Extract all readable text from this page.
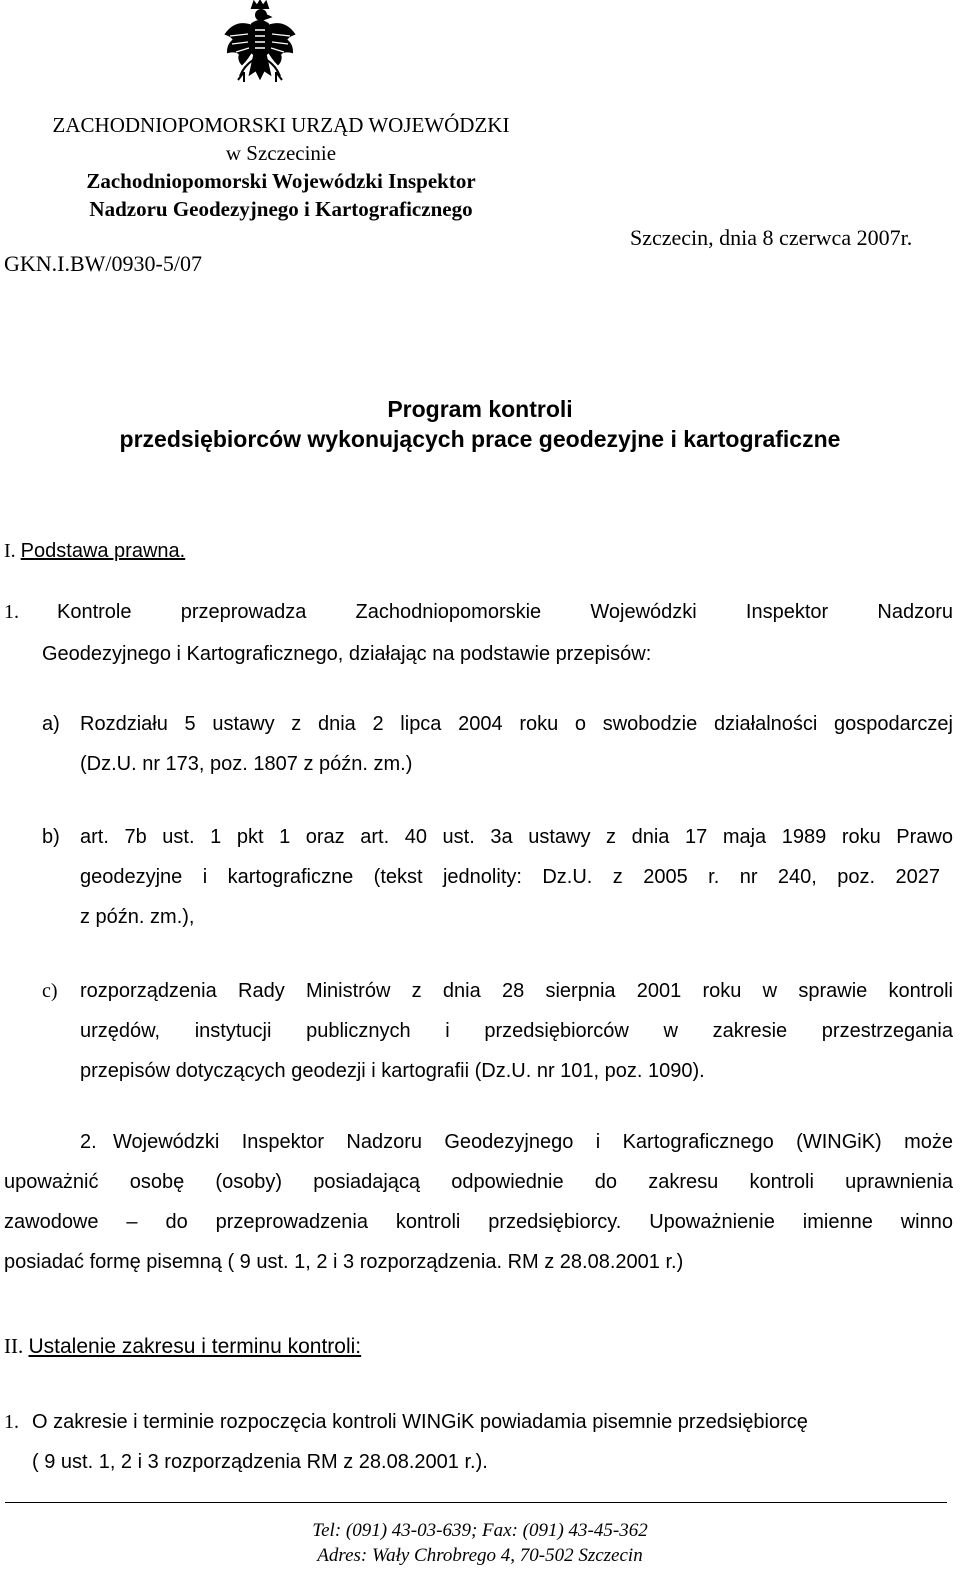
ZACHODNIOPOMORSKI URZĄD WOJEWÓDZKI
w Szczecinie
Zachodniopomorski Wojewódzki Inspektor
Nadzoru Geodezyjnego i Kartograficznego
GKN.I.BW/0930-5/07
Szczecin, dnia 8 czerwca 2007r.
Program kontroli
przedsiębiorców wykonujących prace geodezyjne i kartograficzne
I. Podstawa prawna.
1. Kontrole przeprowadza Zachodniopomorskie Wojewódzki Inspektor Nadzoru
Geodezyjnego i Kartograficznego, działając na podstawie przepisów:
a) Rozdziału 5 ustawy z dnia 2 lipca 2004 roku o swobodzie działalności gospodarczej
(Dz.U. nr 173, poz. 1807 z późn. zm.)
b) art. 7b ust. 1 pkt 1 oraz art. 40 ust. 3a ustawy z dnia 17 maja 1989 roku Prawo
geodezyjne i kartograficzne (tekst jednolity: Dz.U. z 2005 r. nr 240, poz. 2027
z późn. zm.),
c) rozporządzenia Rady Ministrów z dnia 28 sierpnia 2001 roku w sprawie kontroli
urzędów, instytucji publicznych i przedsiębiorców w zakresie przestrzegania
przepisów dotyczących geodezji i kartografii (Dz.U. nr 101, poz. 1090).
2. Wojewódzki Inspektor Nadzoru Geodezyjnego i Kartograficznego (WINGiK) może
upoważnić osobę (osoby) posiadającą odpowiednie do zakresu kontroli uprawnienia
zawodowe – do przeprowadzenia kontroli przedsiębiorcy. Upoważnienie imienne winno
posiadać formę pisemną ( 9 ust. 1, 2 i 3 rozporządzenia. RM z 28.08.2001 r.)
II. Ustalenie zakresu i terminu kontroli:
1. O zakresie i terminie rozpoczęcia kontroli WINGiK powiadamia pisemnie przedsiębiorcę
( 9 ust. 1, 2 i 3 rozporządzenia RM z 28.08.2001 r.).
Tel: (091) 43-03-639; Fax: (091) 43-45-362
Adres: Wały Chrobrego 4, 70-502 Szczecin
